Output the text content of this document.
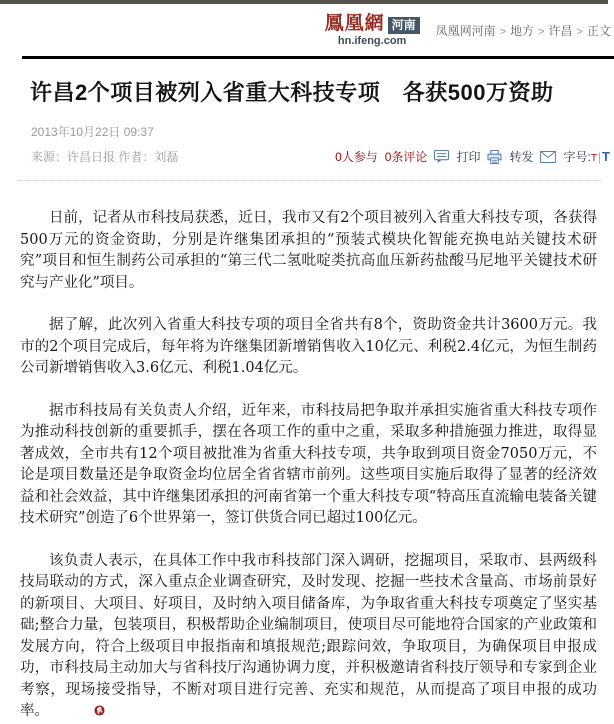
鳳凰網 河南
hn.ifeng.com
凤凰网河南 > 地方 > 许昌 > 正文
许昌2个项目被列入省重大科技专项　各获500万资助
2013年10月22日 09:37
来源：许昌日报 作者：刘磊	0人参与 0条评论 打印 转发	字号:T|T

日前，记者从市科技局获悉，近日，我市又有2个项目被列入省重大科技专项，各获得500万元的资金资助，分别是许继集团承担的“预装式模块化智能充换电站关键技术研究”项目和恒生制药公司承担的“第三代二氢吡啶类抗高血压新药盐酸马尼地平关键技术研究与产业化”项目。

据了解，此次列入省重大科技专项的项目全省共有8个，资助资金共计3600万元。我市的2个项目完成后，每年将为许继集团新增销售收入10亿元、利税2.4亿元，为恒生制药公司新增销售收入3.6亿元、利税1.04亿元。

据市科技局有关负责人介绍，近年来，市科技局把争取并承担实施省重大科技专项作为推动科技创新的重要抓手，摆在各项工作的重中之重，采取多种措施强力推进，取得显著成效，全市共有12个项目被批准为省重大科技专项，共争取到项目资金7050万元，不论是项目数量还是争取资金均位居全省省辖市前列。这些项目实施后取得了显著的经济效益和社会效益，其中许继集团承担的河南省第一个重大科技专项“特高压直流输电装备关键技术研究”创造了6个世界第一，签订供货合同已超过100亿元。

该负责人表示，在具体工作中我市科技部门深入调研，挖掘项目，采取市、县两级科技局联动的方式，深入重点企业调查研究，及时发现、挖掘一些技术含量高、市场前景好的新项目、大项目、好项目，及时纳入项目储备库，为争取省重大科技专项奠定了坚实基础;整合力量，包装项目，积极帮助企业编制项目，使项目尽可能地符合国家的产业政策和发展方向，符合上级项目申报指南和填报规范;跟踪问效，争取项目，为确保项目申报成功，市科技局主动加大与省科技厅沟通协调力度，并积极邀请省科技厅领导和专家到企业考察，现场接受指导，不断对项目进行完善、充实和规范，从而提高了项目申报的成功率。
